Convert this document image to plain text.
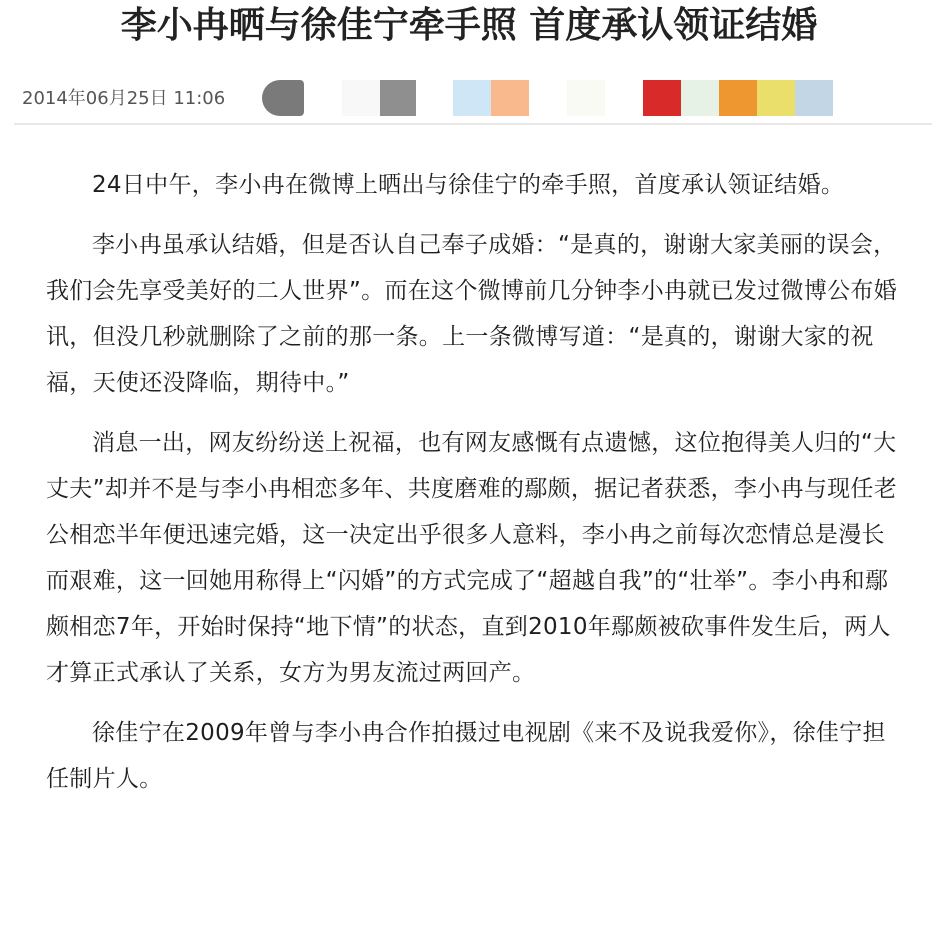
李小冉晒与徐佳宁牵手照 首度承认领证结婚
2014年06月25日 11:06

24日中午，李小冉在微博上晒出与徐佳宁的牵手照，首度承认领证结婚。

李小冉虽承认结婚，但是否认自己奉子成婚：“是真的，谢谢大家美丽的误会，我们会先享受美好的二人世界”。而在这个微博前几分钟李小冉就已发过微博公布婚讯，但没几秒就删除了之前的那一条。上一条微博写道：“是真的，谢谢大家的祝福，天使还没降临，期待中。”

消息一出，网友纷纷送上祝福，也有网友感慨有点遗憾，这位抱得美人归的“大丈夫”却并不是与李小冉相恋多年、共度磨难的鄢颇，据记者获悉，李小冉与现任老公相恋半年便迅速完婚，这一决定出乎很多人意料，李小冉之前每次恋情总是漫长而艰难，这一回她用称得上“闪婚”的方式完成了“超越自我”的“壮举”。李小冉和鄢颇相恋7年，开始时保持“地下情”的状态，直到2010年鄢颇被砍事件发生后，两人才算正式承认了关系，女方为男友流过两回产。

徐佳宁在2009年曾与李小冉合作拍摄过电视剧《来不及说我爱你》，徐佳宁担任制片人。
